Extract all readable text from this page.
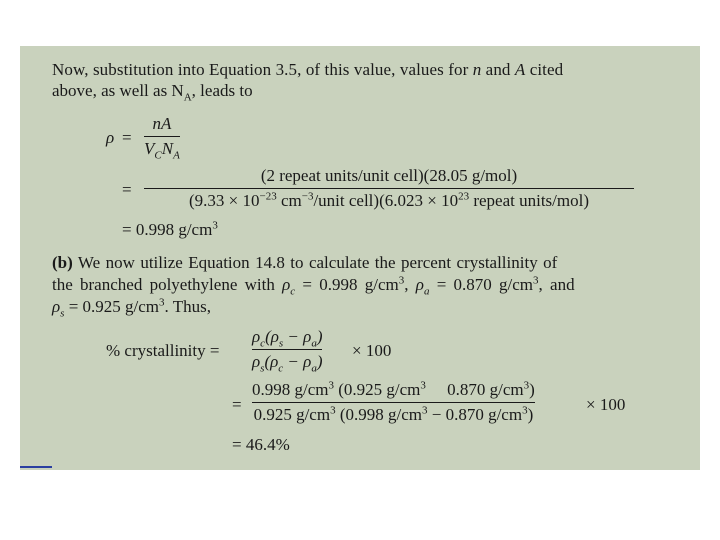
Now, substitution into Equation 3.5, of this value, values for n and A cited
above, as well as $N_A$, leads to
ρ =
nA
$V_CN_A$
=
(2 repeat units/unit cell)(28.05 g/mol)
($9.33 \times 10^{-23}$ $cm^{-3}$/unit cell)(6.023 × $10^{23}$ repeat units/mol)
= 0.998 $g/cm^3$
(b) We now utilize Equation 14.8 to calculate the percent crystallinity of
the branched polyethylene with $\rho_c = 0.998$ $g/cm^3$, $\rho_a = 0.870$ $g/cm^3$, and
$\rho_s = 0.925$ $g/cm^3$. Thus,
% crystallinity =
$\rho_c(\rho_s - \rho_a)$
$\rho_s(\rho_c - \rho_a)$
× 100
=
0.998 $g/cm^3$ (0.925 $g/cm^3$     0.870 $g/cm^3$)
0.925 $g/cm^3$ (0.998 $g/cm^3 - 0.870$ $g/cm^3$)
× 100
= 46.4%
